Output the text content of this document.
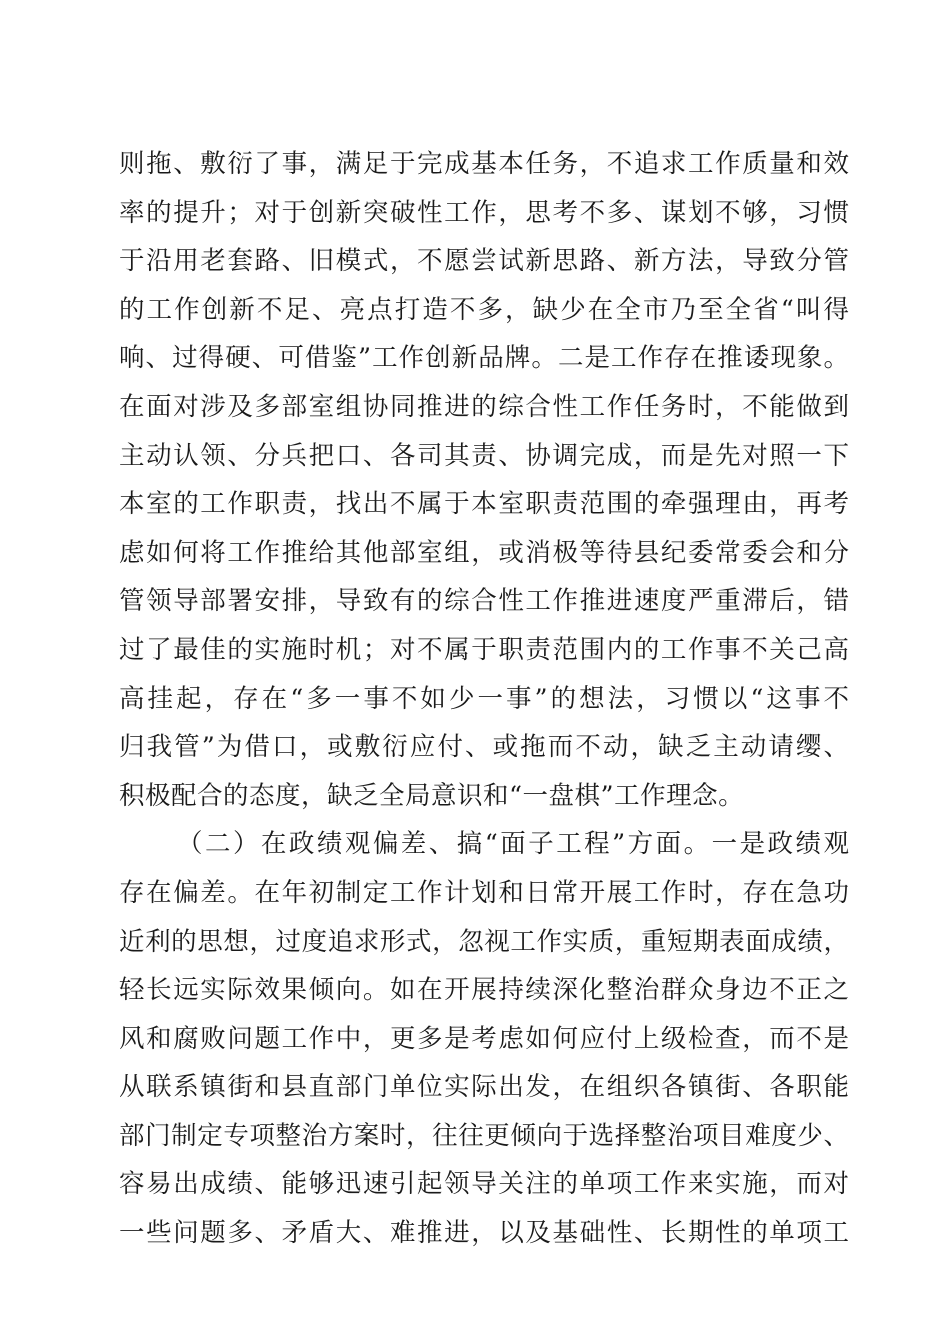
则拖、敷衍了事，满足于完成基本任务，不追求工作质量和效
率的提升；对于创新突破性工作，思考不多、谋划不够，习惯
于沿用老套路、旧模式，不愿尝试新思路、新方法，导致分管
的工作创新不足、亮点打造不多，缺少在全市乃至全省“叫得
响、过得硬、可借鉴”工作创新品牌。二是工作存在推诿现象。
在面对涉及多部室组协同推进的综合性工作任务时，不能做到
主动认领、分兵把口、各司其责、协调完成，而是先对照一下
本室的工作职责，找出不属于本室职责范围的牵强理由，再考
虑如何将工作推给其他部室组，或消极等待县纪委常委会和分
管领导部署安排，导致有的综合性工作推进速度严重滞后，错
过了最佳的实施时机；对不属于职责范围内的工作事不关己高
高挂起，存在“多一事不如少一事”的想法，习惯以“这事不
归我管”为借口，或敷衍应付、或拖而不动，缺乏主动请缨、
积极配合的态度，缺乏全局意识和“一盘棋”工作理念。
（二）在政绩观偏差、搞“面子工程”方面。一是政绩观
存在偏差。在年初制定工作计划和日常开展工作时，存在急功
近利的思想，过度追求形式，忽视工作实质，重短期表面成绩，
轻长远实际效果倾向。如在开展持续深化整治群众身边不正之
风和腐败问题工作中，更多是考虑如何应付上级检查，而不是
从联系镇街和县直部门单位实际出发，在组织各镇街、各职能
部门制定专项整治方案时，往往更倾向于选择整治项目难度少、
容易出成绩、能够迅速引起领导关注的单项工作来实施，而对
一些问题多、矛盾大、难推进，以及基础性、长期性的单项工
